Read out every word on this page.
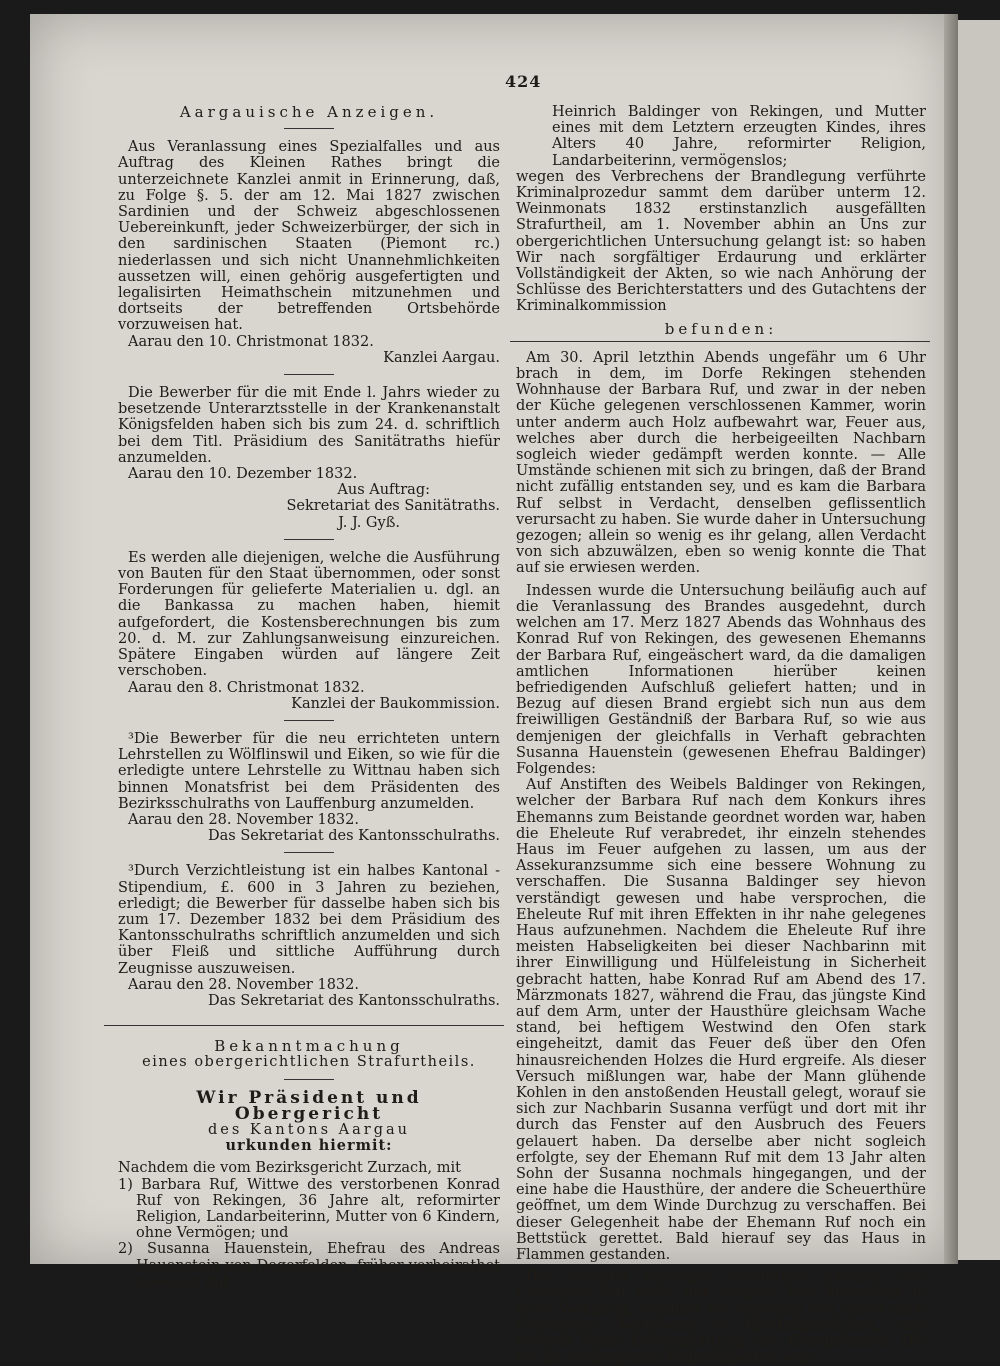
424

Aargauische Anzeigen.

Aus Veranlassung eines Spezialfalles und aus Auftrag des Kleinen Rathes bringt die unterzeichnete Kanzlei anmit in Erinnerung, daß, zu Folge §. 5. der am 12. Mai 1827 zwischen Sardinien und der Schweiz abgeschlossenen Uebereinkunft, jeder Schweizerbürger, der sich in den sardinischen Staaten (Piemont rc.) niederlassen und sich nicht Unannehmlichkeiten aussetzen will, einen gehörig ausgefertigten und legalisirten Heimathschein mitzunehmen und dortseits der betreffenden Ortsbehörde vorzuweisen hat.

Aarau den 10. Christmonat 1832.

Kanzlei Aargau.

Die Bewerber für die mit Ende l. Jahrs wieder zu besetzende Unterarztsstelle in der Krankenanstalt Königsfelden haben sich bis zum 24. d. schriftlich bei dem Titl. Präsidium des Sanitätraths hiefür anzumelden.

Aarau den 10. Dezember 1832.

Aus Auftrag:

Sekretariat des Sanitätraths.

J. J. Gyß.

Es werden alle diejenigen, welche die Ausführung von Bauten für den Staat übernommen, oder sonst Forderungen für gelieferte Materialien u. dgl. an die Bankassa zu machen haben, hiemit aufgefordert, die Kostensberechnungen bis zum 20. d. M. zur Zahlungsanweisung einzureichen. Spätere Eingaben würden auf längere Zeit verschoben.

Aarau den 8. Christmonat 1832.

Kanzlei der Baukommission.

³Die Bewerber für die neu errichteten untern Lehrstellen zu Wölflinswil und Eiken, so wie für die erledigte untere Lehrstelle zu Wittnau haben sich binnen Monatsfrist bei dem Präsidenten des Bezirksschulraths von Lauffenburg anzumelden.

Aarau den 28. November 1832.

Das Sekretariat des Kantonsschulraths.

³Durch Verzichtleistung ist ein halbes Kantonal - Stipendium, £. 600 in 3 Jahren zu beziehen, erledigt; die Bewerber für dasselbe haben sich bis zum 17. Dezember 1832 bei dem Präsidium des Kantonsschulraths schriftlich anzumelden und sich über Fleiß und sittliche Aufführung durch Zeugnisse auszuweisen.

Aarau den 28. November 1832.

Das Sekretariat des Kantonsschulraths.

Bekanntmachung

eines obergerichtlichen Strafurtheils.

Wir Präsident und Obergericht

des Kantons Aargau

urkunden hiermit:

Nachdem die vom Bezirksgericht Zurzach, mit

1) Barbara Ruf, Wittwe des verstorbenen Konrad Ruf von Rekingen, 36 Jahre alt, reformirter Religion, Landarbeiterinn, Mutter von 6 Kindern, ohne Vermögen; und

2) Susanna Hauenstein, Ehefrau des Andreas Hauenstein von Degerfelden, früher verheirathet gewesen mit

Heinrich Baldinger von Rekingen, und Mutter eines mit dem Letztern erzeugten Kindes, ihres Alters 40 Jahre, reformirter Religion, Landarbeiterinn, vermögenslos;

wegen des Verbrechens der Brandlegung verführte Kriminalprozedur sammt dem darüber unterm 12. Weinmonats 1832 erstinstanzlich ausgefällten Strafurtheil, am 1. November abhin an Uns zur obergerichtlichen Untersuchung gelangt ist: so haben Wir nach sorgfältiger Erdaurung und erklärter Vollständigkeit der Akten, so wie nach Anhörung der Schlüsse des Berichterstatters und des Gutachtens der Kriminalkommission

befunden:

Am 30. April letzthin Abends ungefähr um 6 Uhr brach in dem, im Dorfe Rekingen stehenden Wohnhause der Barbara Ruf, und zwar in der neben der Küche gelegenen verschlossenen Kammer, worin unter anderm auch Holz aufbewahrt war, Feuer aus, welches aber durch die herbeigeeilten Nachbarn sogleich wieder gedämpft werden konnte. — Alle Umstände schienen mit sich zu bringen, daß der Brand nicht zufällig entstanden sey, und es kam die Barbara Ruf selbst in Verdacht, denselben geflissentlich verursacht zu haben. Sie wurde daher in Untersuchung gezogen; allein so wenig es ihr gelang, allen Verdacht von sich abzuwälzen, eben so wenig konnte die That auf sie erwiesen werden.

Indessen wurde die Untersuchung beiläufig auch auf die Veranlassung des Brandes ausgedehnt, durch welchen am 17. Merz 1827 Abends das Wohnhaus des Konrad Ruf von Rekingen, des gewesenen Ehemanns der Barbara Ruf, eingeäschert ward, da die damaligen amtlichen Informationen hierüber keinen befriedigenden Aufschluß geliefert hatten; und in Bezug auf diesen Brand ergiebt sich nun aus dem freiwilligen Geständniß der Barbara Ruf, so wie aus demjenigen der gleichfalls in Verhaft gebrachten Susanna Hauenstein (gewesenen Ehefrau Baldinger) Folgendes:

Auf Anstiften des Weibels Baldinger von Rekingen, welcher der Barbara Ruf nach dem Konkurs ihres Ehemanns zum Beistande geordnet worden war, haben die Eheleute Ruf verabredet, ihr einzeln stehendes Haus im Feuer aufgehen zu lassen, um aus der Assekuranzsumme sich eine bessere Wohnung zu verschaffen. Die Susanna Baldinger sey hievon verständigt gewesen und habe versprochen, die Eheleute Ruf mit ihren Effekten in ihr nahe gelegenes Haus aufzunehmen. Nachdem die Eheleute Ruf ihre meisten Habseligkeiten bei dieser Nachbarinn mit ihrer Einwilligung und Hülfeleistung in Sicherheit gebracht hatten, habe Konrad Ruf am Abend des 17. Märzmonats 1827, während die Frau, das jüngste Kind auf dem Arm, unter der Hausthüre gleichsam Wache stand, bei heftigem Westwind den Ofen stark eingeheitzt, damit das Feuer deß über den Ofen hinausreichenden Holzes die Hurd ergreife. Als dieser Versuch mißlungen war, habe der Mann glühende Kohlen in den anstoßenden Heustall gelegt, worauf sie sich zur Nachbarin Susanna verfügt und dort mit ihr durch das Fenster auf den Ausbruch des Feuers gelauert haben. Da derselbe aber nicht sogleich erfolgte, sey der Ehemann Ruf mit dem 13 Jahr alten Sohn der Susanna nochmals hingegangen, und der eine habe die Hausthüre, der andere die Scheuerthüre geöffnet, um dem Winde Durchzug zu verschaffen. Bei dieser Gelegenheit habe der Ehemann Ruf noch ein Bettstück gerettet. Bald hierauf sey das Haus in Flammen gestanden.

Die Susanna Baldinger verstattete nachher den Eheleuten Ruf nicht nur längere Zeit Aufenthalt in ihrer Wohnung, sondern sie empfieng von ihnen auch Geschenke, bestehend in Kleidungsstücken, und verhieß ihnen Geheimhaltung des Geschehenen. Die bei ihr verborgenen Habseligkeiten wur-
